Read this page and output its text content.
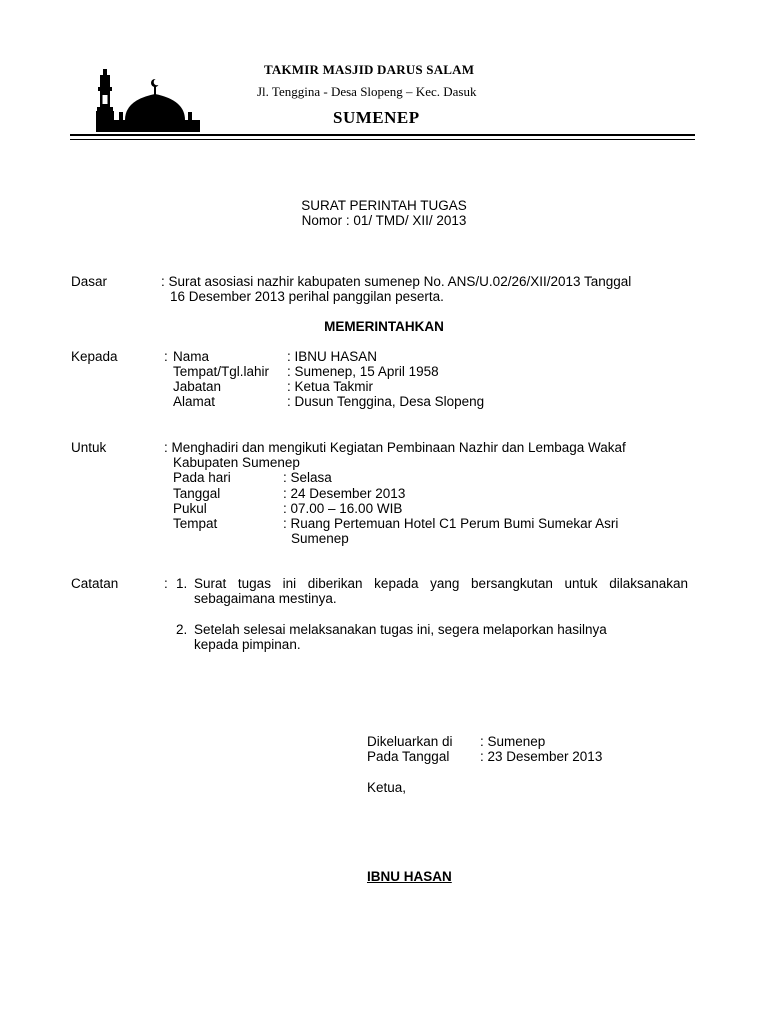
TAKMIR MASJID DARUS SALAM
Jl. Tenggina - Desa Slopeng – Kec. Dasuk
SUMENEP
SURAT PERINTAH TUGAS
Nomor : 01/ TMD/ XII/ 2013
Dasar	: Surat asosiasi nazhir kabupaten sumenep No. ANS/U.02/26/XII/2013 Tanggal
16 Desember 2013 perihal panggilan peserta.
MEMERINTAHKAN
Kepada	: Nama	: IBNU HASAN
Tempat/Tgl.lahir : Sumenep, 15 April 1958
Jabatan	: Ketua Takmir
Alamat	: Dusun Tenggina, Desa Slopeng
Untuk	: Menghadiri dan mengikuti Kegiatan Pembinaan Nazhir dan Lembaga Wakaf
Kabupaten Sumenep
Pada hari	: Selasa
Tanggal	: 24 Desember 2013
Pukul	: 07.00 – 16.00 WIB
Tempat	: Ruang Pertemuan Hotel C1 Perum Bumi Sumekar Asri
Sumenep
Catatan	: 1. Surat tugas ini diberikan kepada yang bersangkutan untuk dilaksanakan
sebagaimana mestinya.
2. Setelah selesai melaksanakan tugas ini, segera melaporkan hasilnya
kepada pimpinan.
Dikeluarkan di : Sumenep
Pada Tanggal : 23 Desember 2013
Ketua,
IBNU HASAN
